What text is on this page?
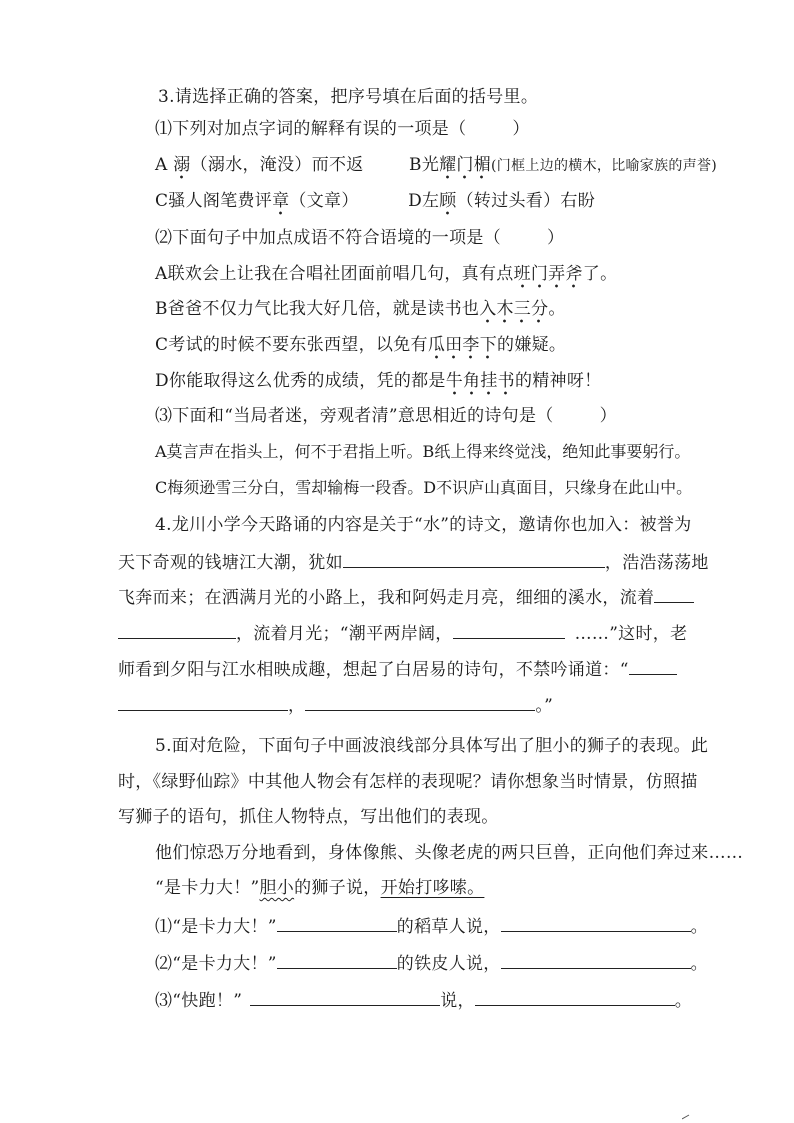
3.请选择正确的答案，把序号填在后面的括号里。
⑴下列对加点字词的解释有误的一项是（	）
A 溺（溺水，淹没）而不返	B光耀门楣(门框上边的横木，比喻家族的声誉)
C骚人阁笔费评章（文章）	D左顾（转过头看）右盼
⑵下面句子中加点成语不符合语境的一项是（	）
A联欢会上让我在合唱社团面前唱几句，真有点班门弄斧了。
B爸爸不仅力气比我大好几倍，就是读书也入木三分。
C考试的时候不要东张西望，以免有瓜田李下的嫌疑。
D你能取得这么优秀的成绩，凭的都是牛角挂书的精神呀！
⑶下面和“当局者迷，旁观者清”意思相近的诗句是（	）
A莫言声在指头上，何不于君指上听。B纸上得来终觉浅，绝知此事要躬行。
C梅须逊雪三分白，雪却输梅一段香。D不识庐山真面目，只缘身在此山中。
4.龙川小学今天路诵的内容是关于“水”的诗文，邀请你也加入：被誉为
天下奇观的钱塘江大潮，犹如	，浩浩荡荡地
飞奔而来；在洒满月光的小路上，我和阿妈走月亮，细细的溪水，流着
，流着月光；“潮平两岸阔，	……”这时，老
师看到夕阳与江水相映成趣，想起了白居易的诗句，不禁吟诵道：“
，	。”
5.面对危险，下面句子中画波浪线部分具体写出了胆小的狮子的表现。此
时，《绿野仙踪》中其他人物会有怎样的表现呢？请你想象当时情景，仿照描
写狮子的语句，抓住人物特点，写出他们的表现。
他们惊恐万分地看到，身体像熊、头像老虎的两只巨兽，正向他们奔过来……
“是卡力大！”胆小的狮子说，开始打哆嗦。
⑴“是卡力大！”	的稻草人说，	。
⑵“是卡力大！”	的铁皮人说，	。
⑶“快跑！”	说，	。
